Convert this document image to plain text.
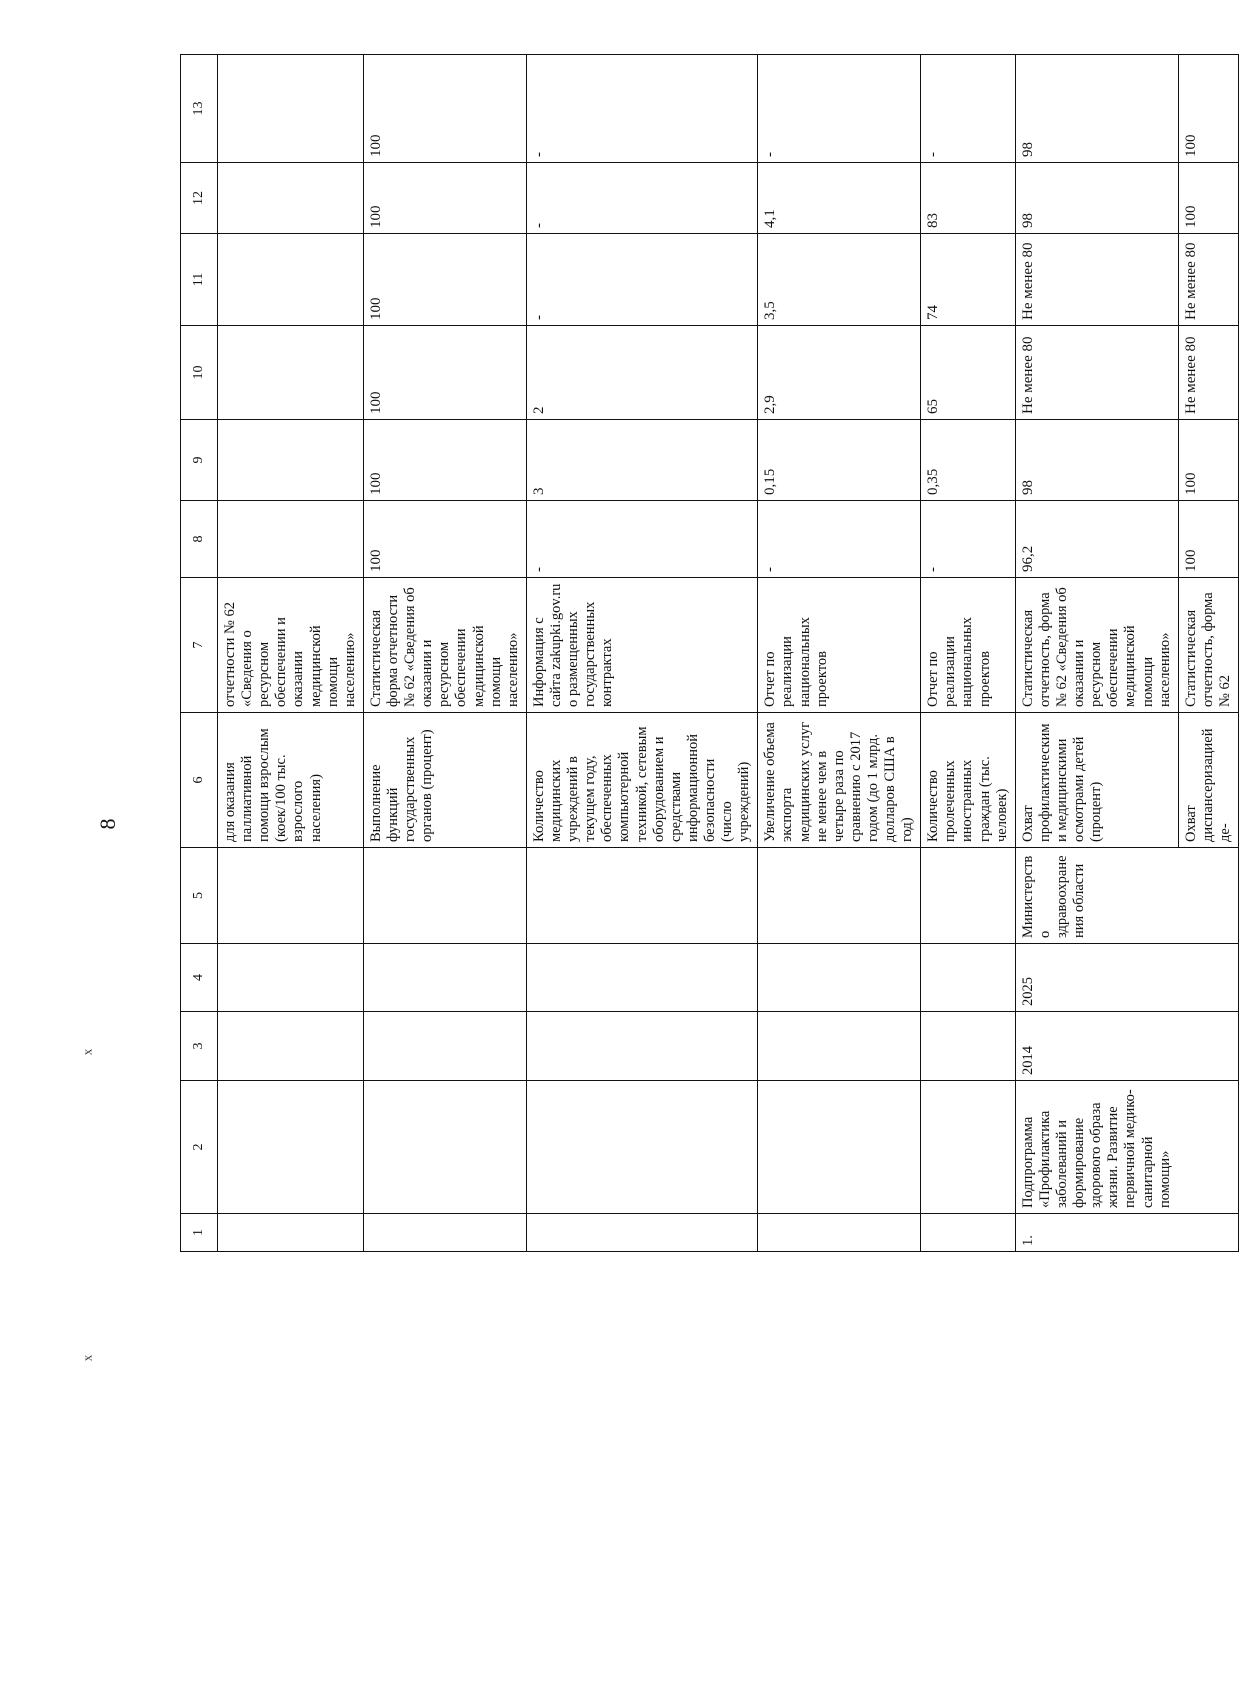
8
x
x
1	2	3	4	5	6	7	8	9	10	11	12	13
					для оказания паллиативной помощи взрослым (коек/100 тыс. взрослого населения)	отчетности № 62 «Сведения о ресурсном обеспечении и оказании медицинской помощи населению»						
					Выполнение функций государственных органов (процент)	Статистическая форма отчетности № 62 «Сведения об оказании и ресурсном обеспечении медицинской помощи населению»	100	100	100	100	100	100
					Количество медицинских учреждений в текущем году, обеспеченных компьютерной техникой, сетевым оборудованием и средствами информационной безопасности (число учреждений)	Информация с сайта zakupki.gov.ru о размещенных государственных контрактах	-	3	2	-	-	-
					Увеличение объема экспорта медицинских услуг не менее чем в четыре раза по сравнению с 2017 годом (до 1 млрд. долларов США в год)	Отчет по реализации национальных проектов	-	0,15	2,9	3,5	4,1	-
					Количество пролеченных иностранных граждан (тыс. человек)	Отчет по реализации национальных проектов	-	0,35	65	74	83	-
1.	Подпрограмма «Профилактика заболеваний и формирование здорового образа жизни. Развитие первичной медико-санитарной помощи»	2014	2025	Министерство здравоохранения области	Охват профилактическими медицинскими осмотрами детей (процент)	Статистическая отчетность, форма № 62 «Сведения об оказании и ресурсном обеспечении медицинской помощи населению»	96,2	98	Не менее 80	Не менее 80	98	98
					Охват диспансеризацией де-	Статистическая отчетность, форма № 62	100	100	Не менее 80	Не менее 80	100	100
